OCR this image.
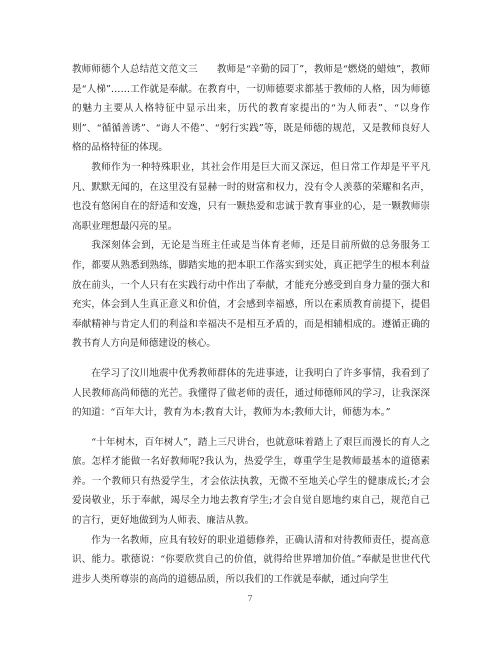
教师师德个人总结范文范文三　　教师是“辛勤的园丁”，教师是“燃烧的蜡烛”，教师是“人梯”……工作就是奉献。在教育中，一切师德要求都基于教师的人格，因为师德的魅力主要从人格特征中显示出来，历代的教育家提出的“为人师表”、“以身作则”、“循循善诱”、“诲人不倦”、“躬行实践”等，既是师德的规范，又是教师良好人格的品格特征的体现。

教师作为一种特殊职业，其社会作用是巨大而又深远，但日常工作却是平平凡凡、默默无闻的，在这里没有显赫一时的财富和权力，没有令人羡慕的荣耀和名声，也没有悠闲自在的舒适和安逸，只有一颗热爱和忠诚于教育事业的心，是一颗教师崇高职业理想最闪亮的星。

我深刻体会到，无论是当班主任或是当体育老师，还是目前所做的总务服务工作，都要从熟悉到熟练，脚踏实地的把本职工作落实到实处，真正把学生的根本利益放在前头，一个人只有在实践行动中作出了奉献，才能充分感受到自身力量的强大和充实，体会到人生真正意义和价值，才会感到幸福感，所以在素质教育前提下，提倡奉献精神与肯定人们的利益和幸福决不是相互矛盾的，而是相辅相成的。遵循正确的教书育人方向是师德建设的核心。

在学习了汶川地震中优秀教师群体的先进事迹，让我明白了许多事情，我看到了人民教师高尚师德的光芒。我懂得了做老师的责任，通过师德师风的学习，让我深深的知道：“百年大计，教育为本;教育大计，教师为本;教师大计，师德为本。”

“十年树木，百年树人”，踏上三尺讲台，也就意味着踏上了艰巨而漫长的育人之旅。怎样才能做一名好教师呢?我认为，热爱学生，尊重学生是教师最基本的道德素养。一个教师只有热爱学生，才会依法执教，无微不至地关心学生的健康成长;才会爱岗敬业，乐于奉献，竭尽全力地去教育学生;才会自觉自愿地约束自己，规范自己的言行，更好地做到为人师表、廉洁从教。

作为一名教师，应具有较好的职业道德修养，正确认清和对待教师责任，提高意识、能力。歌德说：“你要欣赏自己的价值，就得给世界增加价值。”奉献是世世代代进步人类所尊崇的高尚的道德品质，所以我们的工作就是奉献，通过向学生

7
